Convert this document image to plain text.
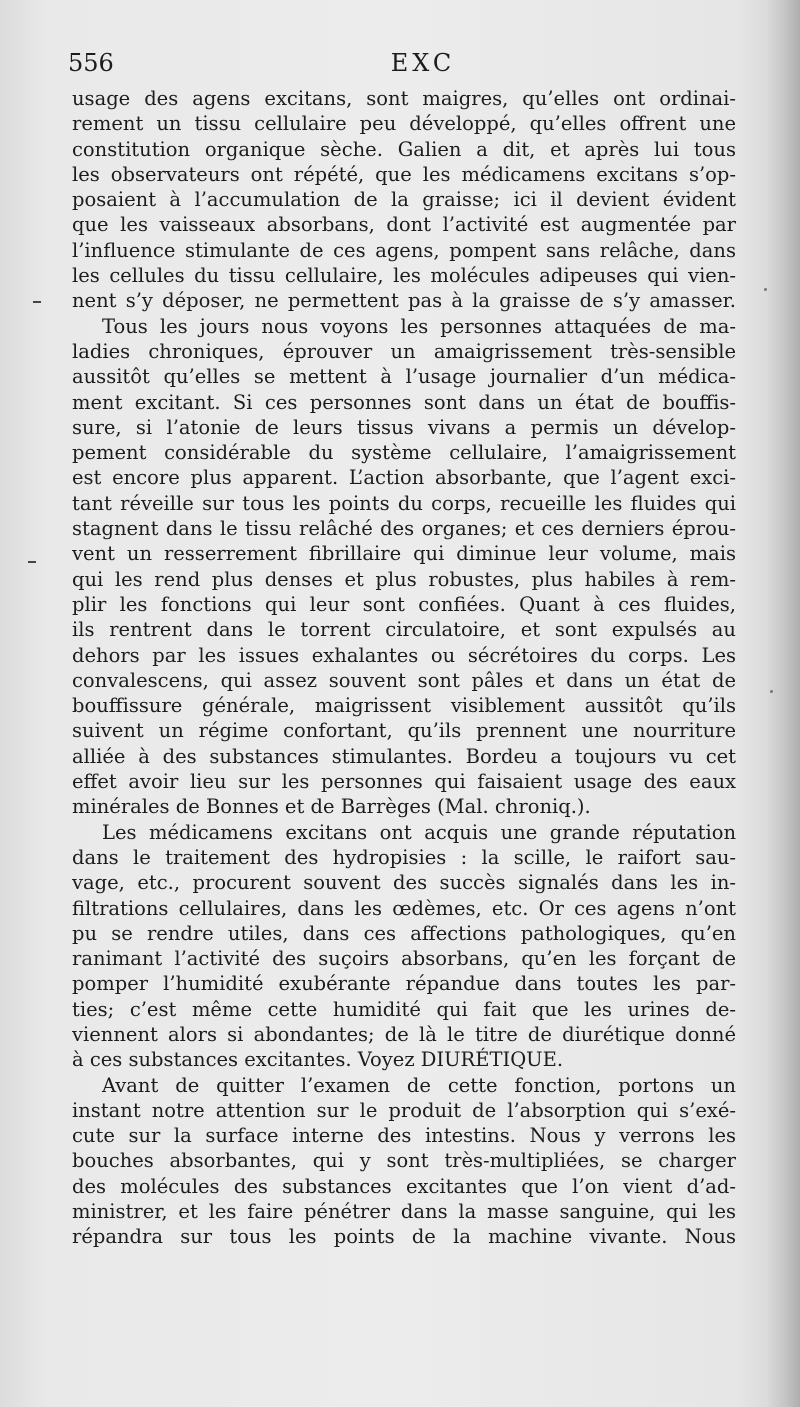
556	EXC
usage des agens excitans, sont maigres, qu’elles ont ordinai-
rement un tissu cellulaire peu développé, qu’elles offrent une
constitution organique sèche. Galien a dit, et après lui tous
les observateurs ont répété, que les médicamens excitans s’op-
posaient à l’accumulation de la graisse; ici il devient évident
que les vaisseaux absorbans, dont l’activité est augmentée par
l’influence stimulante de ces agens, pompent sans relâche, dans
les cellules du tissu cellulaire, les molécules adipeuses qui vien-
nent s’y déposer, ne permettent pas à la graisse de s’y amasser.
Tous les jours nous voyons les personnes attaquées de ma-
ladies chroniques, éprouver un amaigrissement très-sensible
aussitôt qu’elles se mettent à l’usage journalier d’un médica-
ment excitant. Si ces personnes sont dans un état de bouffis-
sure, si l’atonie de leurs tissus vivans a permis un dévelop-
pement considérable du système cellulaire, l’amaigrissement
est encore plus apparent. L’action absorbante, que l’agent exci-
tant réveille sur tous les points du corps, recueille les fluides qui
stagnent dans le tissu relâché des organes; et ces derniers éprou-
vent un resserrement fibrillaire qui diminue leur volume, mais
qui les rend plus denses et plus robustes, plus habiles à rem-
plir les fonctions qui leur sont confiées. Quant à ces fluides,
ils rentrent dans le torrent circulatoire, et sont expulsés au
dehors par les issues exhalantes ou sécrétoires du corps. Les
convalescens, qui assez souvent sont pâles et dans un état de
bouffissure générale, maigrissent visiblement aussitôt qu’ils
suivent un régime confortant, qu’ils prennent une nourriture
alliée à des substances stimulantes. Bordeu a toujours vu cet
effet avoir lieu sur les personnes qui faisaient usage des eaux
minérales de Bonnes et de Barrèges (Mal. chroniq.).
Les médicamens excitans ont acquis une grande réputation
dans le traitement des hydropisies : la scille, le raifort sau-
vage, etc., procurent souvent des succès signalés dans les in-
filtrations cellulaires, dans les œdèmes, etc. Or ces agens n’ont
pu se rendre utiles, dans ces affections pathologiques, qu’en
ranimant l’activité des suçoirs absorbans, qu’en les forçant de
pomper l’humidité exubérante répandue dans toutes les par-
ties; c’est même cette humidité qui fait que les urines de-
viennent alors si abondantes; de là le titre de diurétique donné
à ces substances excitantes. Voyez DIURÉTIQUE.
Avant de quitter l’examen de cette fonction, portons un
instant notre attention sur le produit de l’absorption qui s’exé-
cute sur la surface interne des intestins. Nous y verrons les
bouches absorbantes, qui y sont très-multipliées, se charger
des molécules des substances excitantes que l’on vient d’ad-
ministrer, et les faire pénétrer dans la masse sanguine, qui les
répandra sur tous les points de la machine vivante. Nous
